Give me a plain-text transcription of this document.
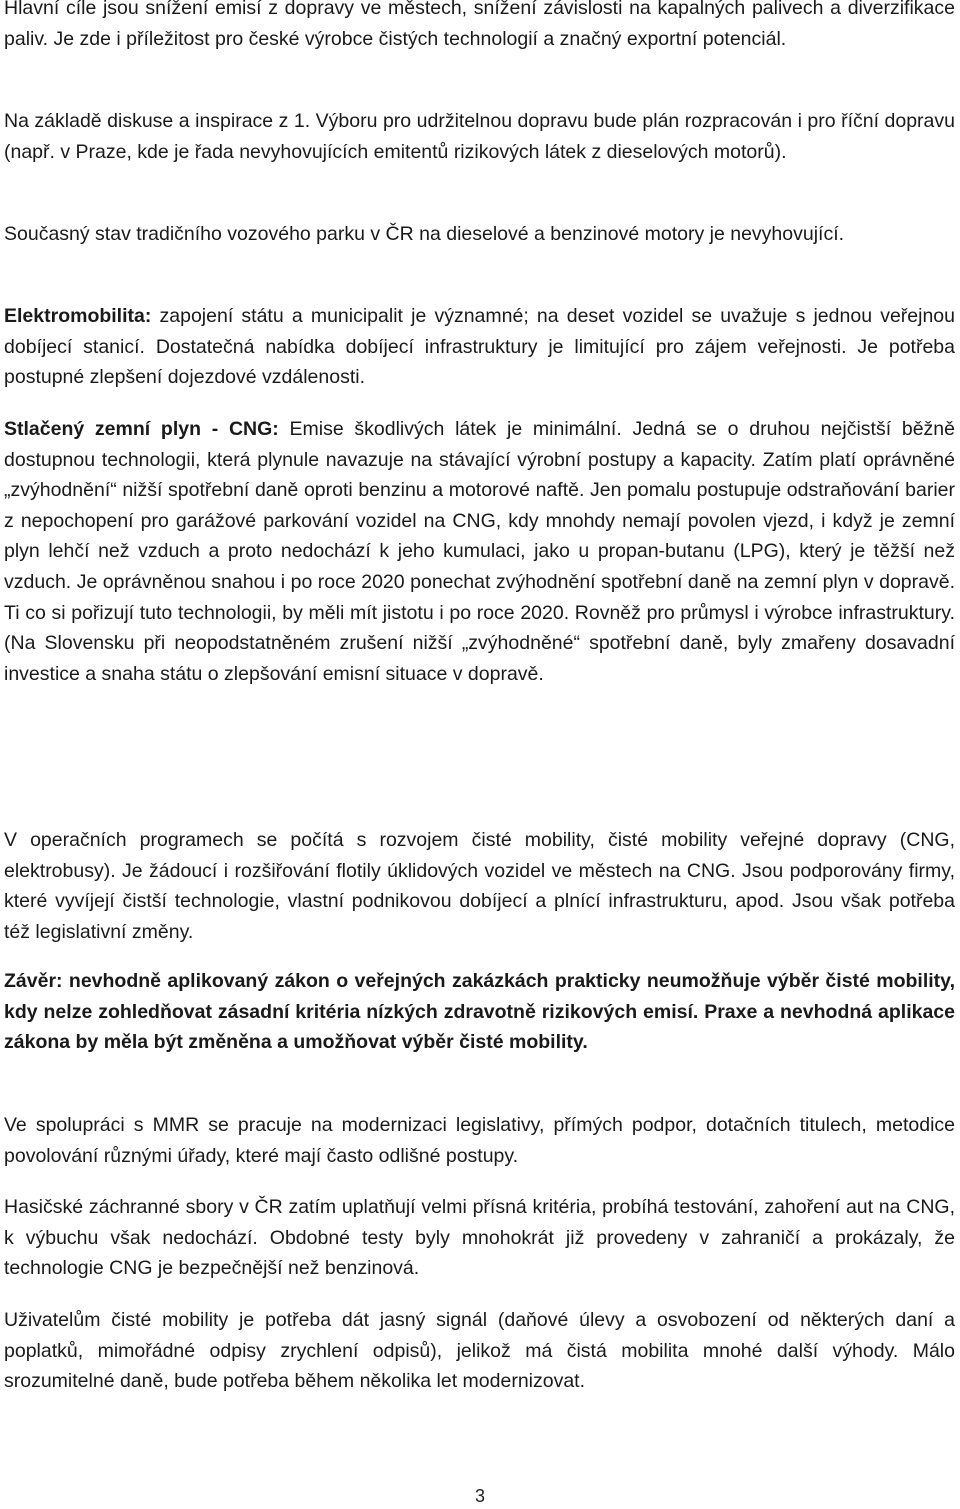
Hlavní cíle jsou snížení emisí z dopravy ve městech, snížení závislosti na kapalných palivech a diverzifikace paliv. Je zde i příležitost pro české výrobce čistých technologií a značný exportní potenciál.

Na základě diskuse a inspirace z 1. Výboru pro udržitelnou dopravu bude plán rozpracován i pro říční dopravu (např. v Praze, kde je řada nevyhovujících emitentů rizikových látek z dieselových motorů).

Současný stav tradičního vozového parku v ČR na dieselové a benzinové motory je nevyhovující.

Elektromobilita: zapojení státu a municipalit je významné; na deset vozidel se uvažuje s jednou veřejnou dobíjecí stanicí. Dostatečná nabídka dobíjecí infrastruktury je limitující pro zájem veřejnosti. Je potřeba postupné zlepšení dojezdové vzdálenosti.

Stlačený zemní plyn - CNG: Emise škodlivých látek je minimální. Jedná se o druhou nejčistší běžně dostupnou technologii, která plynule navazuje na stávající výrobní postupy a kapacity. Zatím platí oprávněné „zvýhodnění“ nižší spotřební daně oproti benzinu a motorové naftě. Jen pomalu postupuje odstraňování barier z nepochopení pro garážové parkování vozidel na CNG, kdy mnohdy nemají povolen vjezd, i když je zemní plyn lehčí než vzduch a proto nedochází k jeho kumulaci, jako u propan-butanu (LPG), který je těžší než vzduch. Je oprávněnou snahou i po roce 2020 ponechat zvýhodnění spotřební daně na zemní plyn v dopravě. Ti co si pořizují tuto technologii, by měli mít jistotu i po roce 2020. Rovněž pro průmysl i výrobce infrastruktury. (Na Slovensku při neopodstatněném zrušení nižší „zvýhodněné“ spotřební daně, byly zmařeny dosavadní investice a snaha státu o zlepšování emisní situace v dopravě.

V operačních programech se počítá s rozvojem čisté mobility, čisté mobility veřejné dopravy (CNG, elektrobusy). Je žádoucí i rozšiřování flotily úklidových vozidel ve městech na CNG. Jsou podporovány firmy, které vyvíjejí čistší technologie, vlastní podnikovou dobíjecí a plnící infrastrukturu, apod. Jsou však potřeba též legislativní změny.

Závěr: nevhodně aplikovaný zákon o veřejných zakázkách prakticky neumožňuje výběr čisté mobility, kdy nelze zohledňovat zásadní kritéria nízkých zdravotně rizikových emisí. Praxe a nevhodná aplikace zákona by měla být změněna a umožňovat výběr čisté mobility.

Ve spolupráci s MMR se pracuje na modernizaci legislativy, přímých podpor, dotačních titulech, metodice povolování různými úřady, které mají často odlišné postupy.

Hasičské záchranné sbory v ČR zatím uplatňují velmi přísná kritéria, probíhá testování, zahoření aut na CNG, k výbuchu však nedochází. Obdobné testy byly mnohokrát již provedeny v zahraničí a prokázaly, že technologie CNG je bezpečnější než benzinová.

Uživatelům čisté mobility je potřeba dát jasný signál (daňové úlevy a osvobození od některých daní a poplatků, mimořádné odpisy zrychlení odpisů), jelikož má čistá mobilita mnohé další výhody. Málo srozumitelné daně, bude potřeba během několika let modernizovat.

3
